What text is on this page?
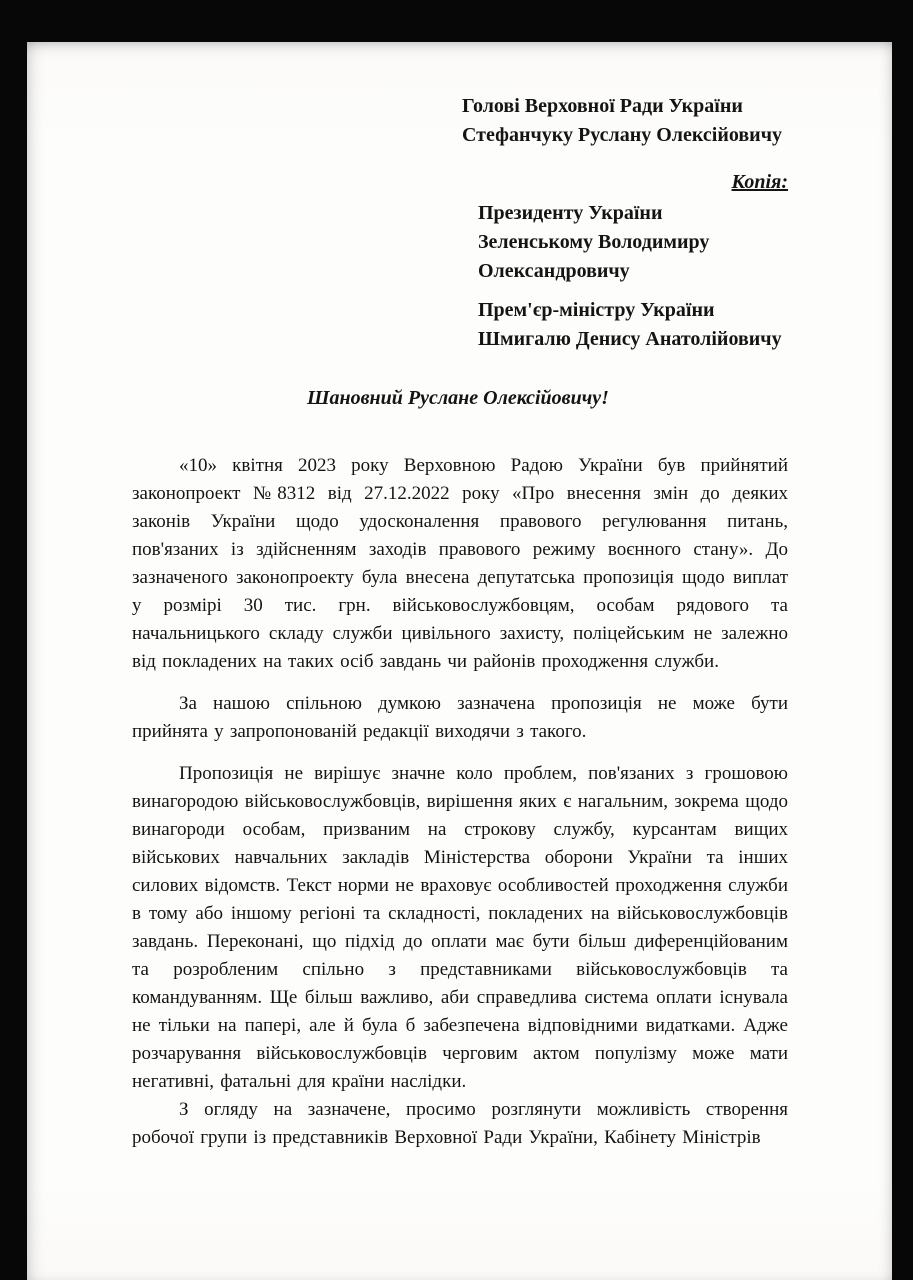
Голові Верховної Ради України
Стефанчуку Руслану Олексійовичу
Копія:
Президенту України
Зеленському Володимиру
Олександровичу
Прем'єр-міністру України
Шмигалю Денису Анатолійовичу
Шановний Руслане Олексійовичу!

«10» квітня 2023 року Верховною Радою України був прийнятий законопроект №8312 від 27.12.2022 року «Про внесення змін до деяких законів України щодо удосконалення правового регулювання питань, пов'язаних із здійсненням заходів правового режиму воєнного стану». До зазначеного законопроекту була внесена депутатська пропозиція щодо виплат у розмірі 30 тис. грн. військовослужбовцям, особам рядового та начальницького складу служби цивільного захисту, поліцейським не залежно від покладених на таких осіб завдань чи районів проходження служби.

За нашою спільною думкою зазначена пропозиція не може бути прийнята у запропонованій редакції виходячи з такого.

Пропозиція не вирішує значне коло проблем, пов'язаних з грошовою винагородою військовослужбовців, вирішення яких є нагальним, зокрема щодо винагороди особам, призваним на строкову службу, курсантам вищих військових навчальних закладів Міністерства оборони України та інших силових відомств. Текст норми не враховує особливостей проходження служби в тому або іншому регіоні та складності, покладених на військовослужбовців завдань. Переконані, що підхід до оплати має бути більш диференційованим та розробленим спільно з представниками військовослужбовців та командуванням. Ще більш важливо, аби справедлива система оплати існувала не тільки на папері, але й була б забезпечена відповідними видатками. Адже розчарування військовослужбовців черговим актом популізму може мати негативні, фатальні для країни наслідки.

З огляду на зазначене, просимо розглянути можливість створення робочої групи із представників Верховної Ради України, Кабінету Міністрів
